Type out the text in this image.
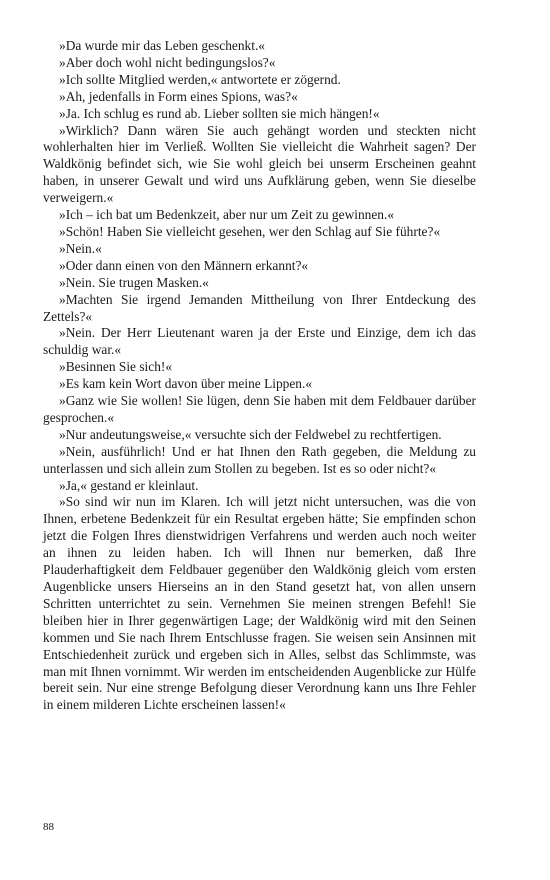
»Da wurde mir das Leben geschenkt.«

»Aber doch wohl nicht bedingungslos?«

»Ich sollte Mitglied werden,« antwortete er zögernd.

»Ah, jedenfalls in Form eines Spions, was?«

»Ja. Ich schlug es rund ab. Lieber sollten sie mich hängen!«

»Wirklich? Dann wären Sie auch gehängt worden und steckten nicht wohlerhalten hier im Verließ. Wollten Sie vielleicht die Wahrheit sagen? Der Waldkönig befindet sich, wie Sie wohl gleich bei unserm Erscheinen geahnt haben, in unserer Gewalt und wird uns Aufklärung geben, wenn Sie dieselbe verweigern.«

»Ich – ich bat um Bedenkzeit, aber nur um Zeit zu gewinnen.«

»Schön! Haben Sie vielleicht gesehen, wer den Schlag auf Sie führte?«

»Nein.«

»Oder dann einen von den Männern erkannt?«

»Nein. Sie trugen Masken.«

»Machten Sie irgend Jemanden Mittheilung von Ihrer Entdeckung des Zettels?«

»Nein. Der Herr Lieutenant waren ja der Erste und Einzige, dem ich das schuldig war.«

»Besinnen Sie sich!«

»Es kam kein Wort davon über meine Lippen.«

»Ganz wie Sie wollen! Sie lügen, denn Sie haben mit dem Feldbauer darüber gesprochen.«

»Nur andeutungsweise,« versuchte sich der Feldwebel zu rechtfertigen.

»Nein, ausführlich! Und er hat Ihnen den Rath gegeben, die Meldung zu unterlassen und sich allein zum Stollen zu begeben. Ist es so oder nicht?«

»Ja,« gestand er kleinlaut.

»So sind wir nun im Klaren. Ich will jetzt nicht untersuchen, was die von Ihnen, erbetene Bedenkzeit für ein Resultat ergeben hätte; Sie empfinden schon jetzt die Folgen Ihres dienstwidrigen Verfahrens und werden auch noch weiter an ihnen zu leiden haben. Ich will Ihnen nur bemerken, daß Ihre Plauderhaftigkeit dem Feldbauer gegenüber den Waldkönig gleich vom ersten Augenblicke unsers Hierseins an in den Stand gesetzt hat, von allen unsern Schritten unterrichtet zu sein. Vernehmen Sie meinen strengen Befehl! Sie bleiben hier in Ihrer gegenwärtigen Lage; der Waldkönig wird mit den Seinen kommen und Sie nach Ihrem Entschlusse fragen. Sie weisen sein Ansinnen mit Entschiedenheit zurück und ergeben sich in Alles, selbst das Schlimmste, was man mit Ihnen vornimmt. Wir werden im entscheidenden Augenblicke zur Hülfe bereit sein. Nur eine strenge Befolgung dieser Verordnung kann uns Ihre Fehler in einem milderen Lichte erscheinen lassen!«

88
